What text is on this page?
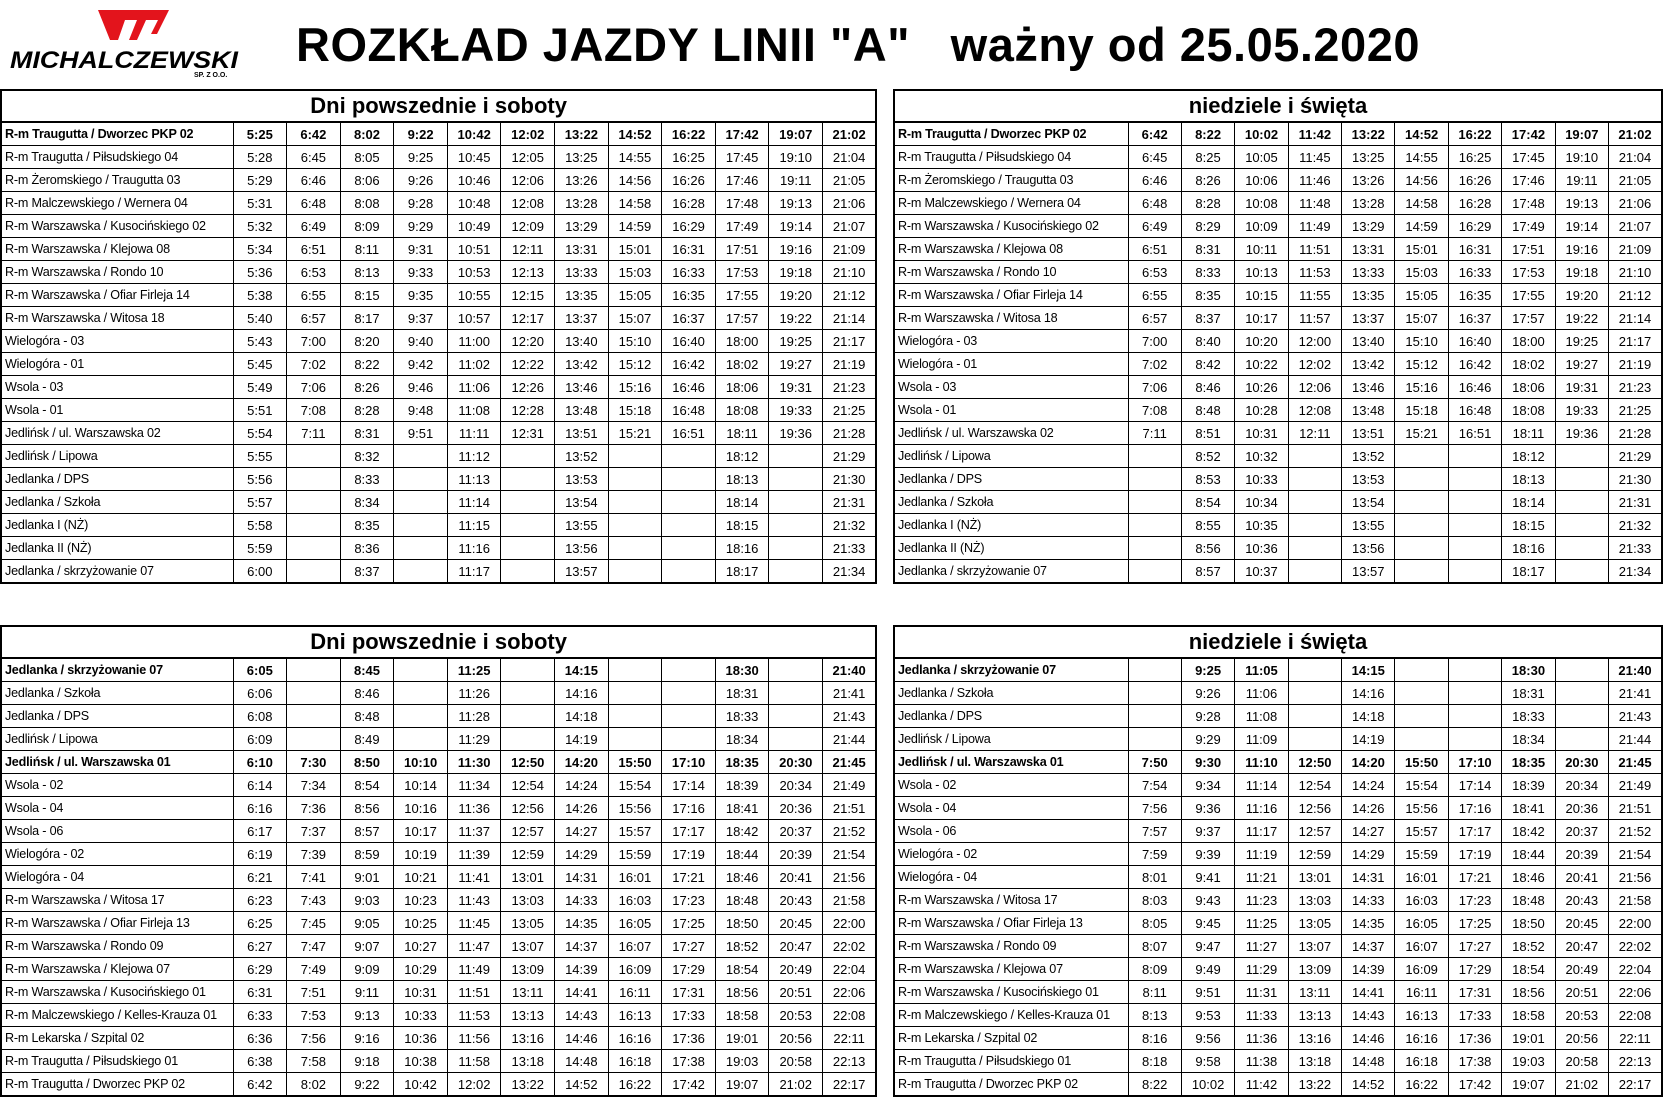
MICHALCZEWSKI
SP. Z O.O.
ROZKŁAD JAZDY LINII "A"   ważny od 25.05.2020
Dni powszednie i soboty												
R-m Traugutta / Dworzec PKP 02	5:25	6:42	8:02	9:22	10:42	12:02	13:22	14:52	16:22	17:42	19:07	21:02
R-m Traugutta / Piłsudskiego 04	5:28	6:45	8:05	9:25	10:45	12:05	13:25	14:55	16:25	17:45	19:10	21:04
R-m Żeromskiego / Traugutta 03	5:29	6:46	8:06	9:26	10:46	12:06	13:26	14:56	16:26	17:46	19:11	21:05
R-m Malczewskiego / Wernera 04	5:31	6:48	8:08	9:28	10:48	12:08	13:28	14:58	16:28	17:48	19:13	21:06
R-m Warszawska / Kusocińskiego 02	5:32	6:49	8:09	9:29	10:49	12:09	13:29	14:59	16:29	17:49	19:14	21:07
R-m Warszawska / Klejowa 08	5:34	6:51	8:11	9:31	10:51	12:11	13:31	15:01	16:31	17:51	19:16	21:09
R-m Warszawska / Rondo 10	5:36	6:53	8:13	9:33	10:53	12:13	13:33	15:03	16:33	17:53	19:18	21:10
R-m Warszawska / Ofiar Firleja 14	5:38	6:55	8:15	9:35	10:55	12:15	13:35	15:05	16:35	17:55	19:20	21:12
R-m Warszawska / Witosa 18	5:40	6:57	8:17	9:37	10:57	12:17	13:37	15:07	16:37	17:57	19:22	21:14
Wielogóra - 03	5:43	7:00	8:20	9:40	11:00	12:20	13:40	15:10	16:40	18:00	19:25	21:17
Wielogóra - 01	5:45	7:02	8:22	9:42	11:02	12:22	13:42	15:12	16:42	18:02	19:27	21:19
Wsola - 03	5:49	7:06	8:26	9:46	11:06	12:26	13:46	15:16	16:46	18:06	19:31	21:23
Wsola - 01	5:51	7:08	8:28	9:48	11:08	12:28	13:48	15:18	16:48	18:08	19:33	21:25
Jedlińsk / ul. Warszawska 02	5:54	7:11	8:31	9:51	11:11	12:31	13:51	15:21	16:51	18:11	19:36	21:28
Jedlińsk / Lipowa	5:55		8:32		11:12		13:52			18:12		21:29
Jedlanka / DPS	5:56		8:33		11:13		13:53			18:13		21:30
Jedlanka / Szkoła	5:57		8:34		11:14		13:54			18:14		21:31
Jedlanka I (NŻ)	5:58		8:35		11:15		13:55			18:15		21:32
Jedlanka II (NŻ)	5:59		8:36		11:16		13:56			18:16		21:33
Jedlanka / skrzyżowanie 07	6:00		8:37		11:17		13:57			18:17		21:34
niedziele i święta										
R-m Traugutta / Dworzec PKP 02	6:42	8:22	10:02	11:42	13:22	14:52	16:22	17:42	19:07	21:02
R-m Traugutta / Piłsudskiego 04	6:45	8:25	10:05	11:45	13:25	14:55	16:25	17:45	19:10	21:04
R-m Żeromskiego / Traugutta 03	6:46	8:26	10:06	11:46	13:26	14:56	16:26	17:46	19:11	21:05
R-m Malczewskiego / Wernera 04	6:48	8:28	10:08	11:48	13:28	14:58	16:28	17:48	19:13	21:06
R-m Warszawska / Kusocińskiego 02	6:49	8:29	10:09	11:49	13:29	14:59	16:29	17:49	19:14	21:07
R-m Warszawska / Klejowa 08	6:51	8:31	10:11	11:51	13:31	15:01	16:31	17:51	19:16	21:09
R-m Warszawska / Rondo 10	6:53	8:33	10:13	11:53	13:33	15:03	16:33	17:53	19:18	21:10
R-m Warszawska / Ofiar Firleja 14	6:55	8:35	10:15	11:55	13:35	15:05	16:35	17:55	19:20	21:12
R-m Warszawska / Witosa 18	6:57	8:37	10:17	11:57	13:37	15:07	16:37	17:57	19:22	21:14
Wielogóra - 03	7:00	8:40	10:20	12:00	13:40	15:10	16:40	18:00	19:25	21:17
Wielogóra - 01	7:02	8:42	10:22	12:02	13:42	15:12	16:42	18:02	19:27	21:19
Wsola - 03	7:06	8:46	10:26	12:06	13:46	15:16	16:46	18:06	19:31	21:23
Wsola - 01	7:08	8:48	10:28	12:08	13:48	15:18	16:48	18:08	19:33	21:25
Jedlińsk / ul. Warszawska 02	7:11	8:51	10:31	12:11	13:51	15:21	16:51	18:11	19:36	21:28
Jedlińsk / Lipowa		8:52	10:32		13:52			18:12		21:29
Jedlanka / DPS		8:53	10:33		13:53			18:13		21:30
Jedlanka / Szkoła		8:54	10:34		13:54			18:14		21:31
Jedlanka I (NŻ)		8:55	10:35		13:55			18:15		21:32
Jedlanka II (NŻ)		8:56	10:36		13:56			18:16		21:33
Jedlanka / skrzyżowanie 07		8:57	10:37		13:57			18:17		21:34
Dni powszednie i soboty												
Jedlanka / skrzyżowanie 07	6:05		8:45		11:25		14:15			18:30		21:40
Jedlanka / Szkoła	6:06		8:46		11:26		14:16			18:31		21:41
Jedlanka / DPS	6:08		8:48		11:28		14:18			18:33		21:43
Jedlińsk / Lipowa	6:09		8:49		11:29		14:19			18:34		21:44
Jedlińsk / ul. Warszawska 01	6:10	7:30	8:50	10:10	11:30	12:50	14:20	15:50	17:10	18:35	20:30	21:45
Wsola - 02	6:14	7:34	8:54	10:14	11:34	12:54	14:24	15:54	17:14	18:39	20:34	21:49
Wsola - 04	6:16	7:36	8:56	10:16	11:36	12:56	14:26	15:56	17:16	18:41	20:36	21:51
Wsola - 06	6:17	7:37	8:57	10:17	11:37	12:57	14:27	15:57	17:17	18:42	20:37	21:52
Wielogóra - 02	6:19	7:39	8:59	10:19	11:39	12:59	14:29	15:59	17:19	18:44	20:39	21:54
Wielogóra - 04	6:21	7:41	9:01	10:21	11:41	13:01	14:31	16:01	17:21	18:46	20:41	21:56
R-m Warszawska / Witosa 17	6:23	7:43	9:03	10:23	11:43	13:03	14:33	16:03	17:23	18:48	20:43	21:58
R-m Warszawska / Ofiar Firleja 13	6:25	7:45	9:05	10:25	11:45	13:05	14:35	16:05	17:25	18:50	20:45	22:00
R-m Warszawska / Rondo 09	6:27	7:47	9:07	10:27	11:47	13:07	14:37	16:07	17:27	18:52	20:47	22:02
R-m Warszawska / Klejowa 07	6:29	7:49	9:09	10:29	11:49	13:09	14:39	16:09	17:29	18:54	20:49	22:04
R-m Warszawska / Kusocińskiego 01	6:31	7:51	9:11	10:31	11:51	13:11	14:41	16:11	17:31	18:56	20:51	22:06
R-m Malczewskiego / Kelles-Krauza 01	6:33	7:53	9:13	10:33	11:53	13:13	14:43	16:13	17:33	18:58	20:53	22:08
R-m Lekarska / Szpital 02	6:36	7:56	9:16	10:36	11:56	13:16	14:46	16:16	17:36	19:01	20:56	22:11
R-m Traugutta / Piłsudskiego 01	6:38	7:58	9:18	10:38	11:58	13:18	14:48	16:18	17:38	19:03	20:58	22:13
R-m Traugutta / Dworzec PKP 02	6:42	8:02	9:22	10:42	12:02	13:22	14:52	16:22	17:42	19:07	21:02	22:17
niedziele i święta										
Jedlanka / skrzyżowanie 07		9:25	11:05		14:15			18:30		21:40
Jedlanka / Szkoła		9:26	11:06		14:16			18:31		21:41
Jedlanka / DPS		9:28	11:08		14:18			18:33		21:43
Jedlińsk / Lipowa		9:29	11:09		14:19			18:34		21:44
Jedlińsk / ul. Warszawska 01	7:50	9:30	11:10	12:50	14:20	15:50	17:10	18:35	20:30	21:45
Wsola - 02	7:54	9:34	11:14	12:54	14:24	15:54	17:14	18:39	20:34	21:49
Wsola - 04	7:56	9:36	11:16	12:56	14:26	15:56	17:16	18:41	20:36	21:51
Wsola - 06	7:57	9:37	11:17	12:57	14:27	15:57	17:17	18:42	20:37	21:52
Wielogóra - 02	7:59	9:39	11:19	12:59	14:29	15:59	17:19	18:44	20:39	21:54
Wielogóra - 04	8:01	9:41	11:21	13:01	14:31	16:01	17:21	18:46	20:41	21:56
R-m Warszawska / Witosa 17	8:03	9:43	11:23	13:03	14:33	16:03	17:23	18:48	20:43	21:58
R-m Warszawska / Ofiar Firleja 13	8:05	9:45	11:25	13:05	14:35	16:05	17:25	18:50	20:45	22:00
R-m Warszawska / Rondo 09	8:07	9:47	11:27	13:07	14:37	16:07	17:27	18:52	20:47	22:02
R-m Warszawska / Klejowa 07	8:09	9:49	11:29	13:09	14:39	16:09	17:29	18:54	20:49	22:04
R-m Warszawska / Kusocińskiego 01	8:11	9:51	11:31	13:11	14:41	16:11	17:31	18:56	20:51	22:06
R-m Malczewskiego / Kelles-Krauza 01	8:13	9:53	11:33	13:13	14:43	16:13	17:33	18:58	20:53	22:08
R-m Lekarska / Szpital 02	8:16	9:56	11:36	13:16	14:46	16:16	17:36	19:01	20:56	22:11
R-m Traugutta / Piłsudskiego 01	8:18	9:58	11:38	13:18	14:48	16:18	17:38	19:03	20:58	22:13
R-m Traugutta / Dworzec PKP 02	8:22	10:02	11:42	13:22	14:52	16:22	17:42	19:07	21:02	22:17
